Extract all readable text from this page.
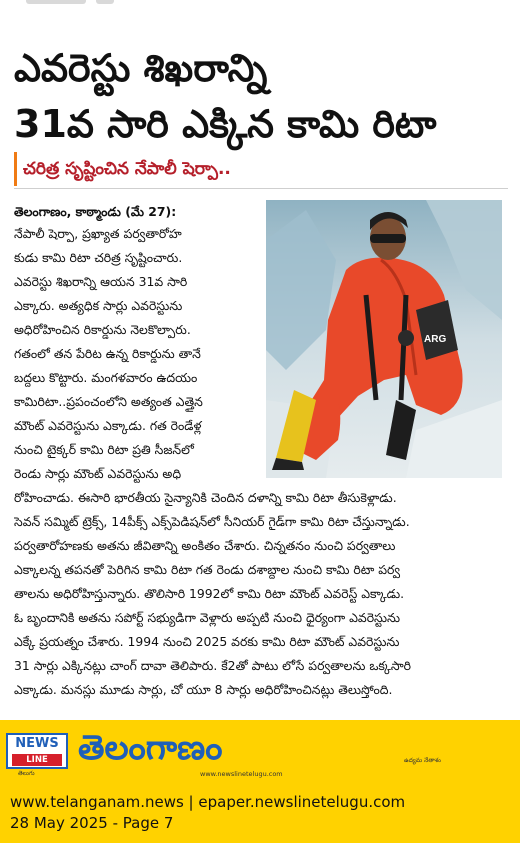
ఎవరెస్టు శిఖరాన్ని
31వ సారి ఎక్కిన కామి రిటా
చరిత్ర సృష్టించిన నేపాలీ షెర్పా..
ARG
తెలంగాణం, కాఠ్మాండు (మే 27):
నేపాలీ షెర్పా, ప్రఖ్యాత పర్వతారోహ
కుడు కామి రిటా చరిత్ర సృష్టించారు.
ఎవరెస్టు శిఖరాన్ని ఆయన 31వ సారి
ఎక్కారు. అత్యధిక సార్లు ఎవరెస్టును
అధిరోహించిన రికార్డును నెలకొల్పారు.
గతంలో తన పేరిట ఉన్న రికార్డును తానే
బద్దలు కొట్టారు. మంగళవారం ఉదయం
కామిరిటా..ప్రపంచంలోని అత్యంత ఎత్తైన
మౌంట్ ఎవరెస్టును ఎక్కాడు. గత రెండేళ్ల
నుంచి టైక్కర్ కామి రిటా ప్రతి సీజన్‌లో
రెండు సార్లు మౌంట్ ఎవరెస్టును అధి
రోహించాడు. ఈసారి భారతీయ సైన్యానికి చెందిన దళాన్ని కామి రిటా తీసుకెళ్లాడు.
సెవన్ సమ్మిట్ ట్రెక్స్, 14పీక్స్ ఎక్స్‌పెడిషన్‌లో సీనియర్ గైడ్‌గా కామి రిటా చేస్తున్నాడు.
పర్వతారోహణకు అతను జీవితాన్ని అంకితం చేశారు. చిన్నతనం నుంచి పర్వతాలు
ఎక్కాలన్న తపనతో పెరిగిన కామి రిటా గత రెండు దశాబ్దాల నుంచి కామి రిటా పర్వ
తాలను అధిరోహిస్తున్నారు. తొలిసారి 1992లో కామి రిటా మౌంట్ ఎవరెస్ట్ ఎక్కాడు.
ఓ బృందానికి అతను సపోర్ట్ సభ్యుడిగా వెళ్లారు అప్పటి నుంచి ధైర్యంగా ఎవరెస్టును
ఎక్కే ప్రయత్నం చేశారు. 1994 నుంచి 2025 వరకు కామి రిటా మౌంట్ ఎవరెస్టును
31 సార్లు ఎక్కినట్లు చాంగ్ దావా తెలిపారు. కే2తో పాటు లోసే పర్వతాలను ఒక్కసారి
ఎక్కాడు. మనస్లు మూడు సార్లు, చో యూ 8 సార్లు అధిరోహించినట్లు తెలుస్తోంది.
NEWS
LINE
తెలుగు
తెలంగాణం	ఉద్యమ నేతాశం
www.newslinetelugu.com
www.telanganam.news | epaper.newslinetelugu.com
28 May 2025 - Page 7
